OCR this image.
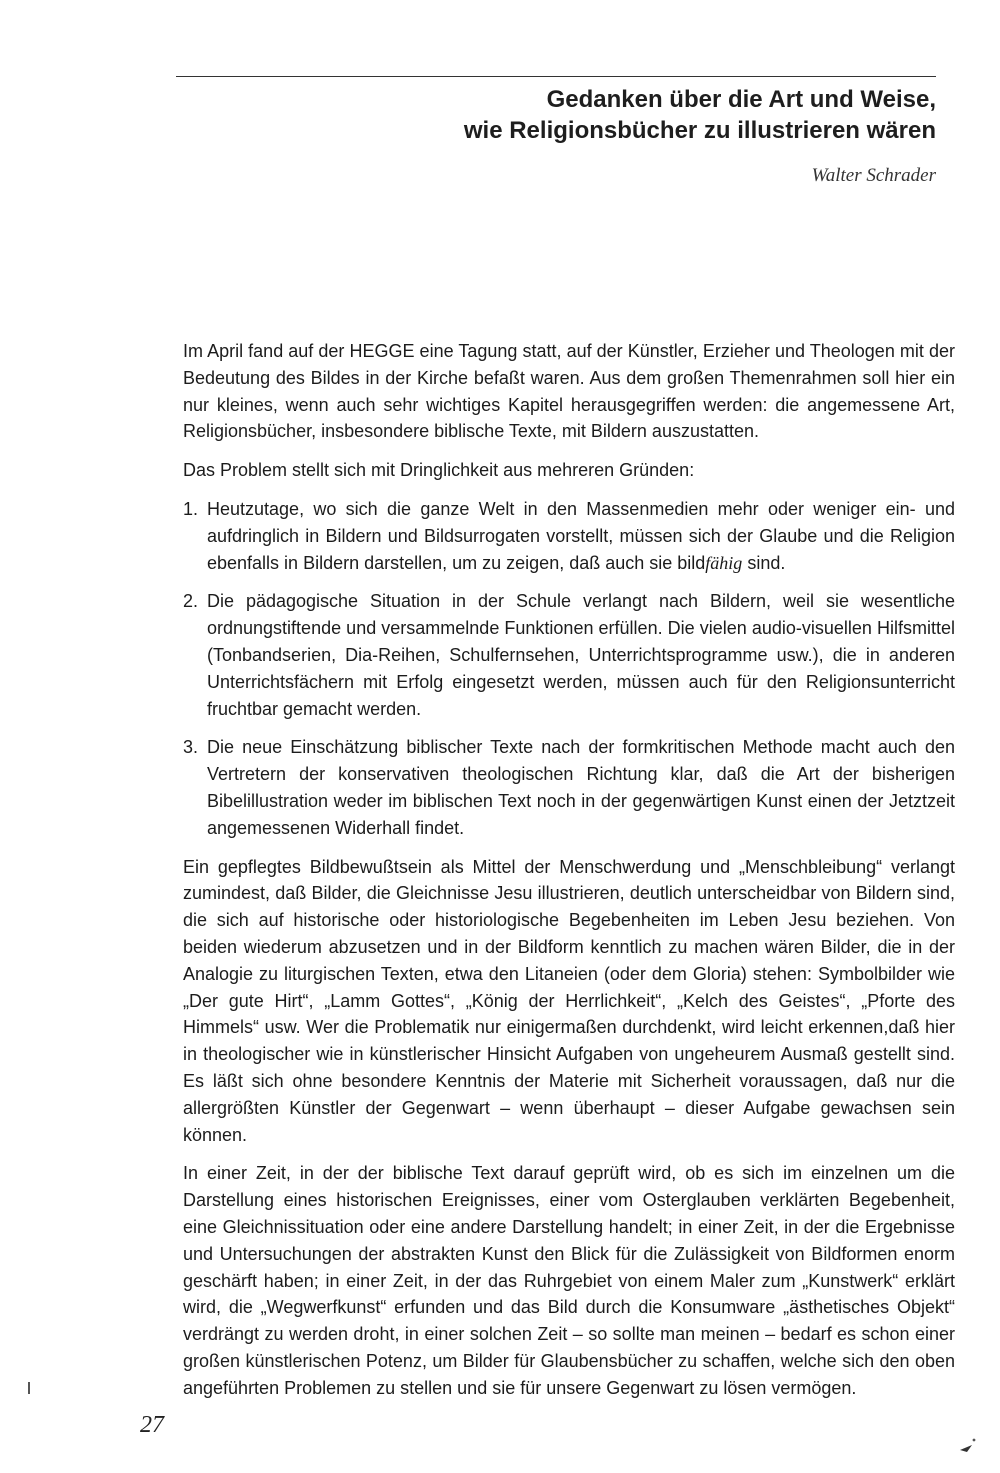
Gedanken über die Art und Weise,
wie Religionsbücher zu illustrieren wären
Walter Schrader

Im April fand auf der HEGGE eine Tagung statt, auf der Künstler, Erzieher und Theologen mit der Bedeutung des Bildes in der Kirche befaßt waren. Aus dem großen Themenrahmen soll hier ein nur kleines, wenn auch sehr wichtiges Kapitel herausgegriffen werden: die angemessene Art, Religionsbücher, insbesondere biblische Texte, mit Bildern auszustatten.

Das Problem stellt sich mit Dringlichkeit aus mehreren Gründen:

1. Heutzutage, wo sich die ganze Welt in den Massenmedien mehr oder weniger ein- und aufdringlich in Bildern und Bildsurrogaten vorstellt, müssen sich der Glaube und die Religion ebenfalls in Bildern darstellen, um zu zeigen, daß auch sie bildfähig sind.
2. Die pädagogische Situation in der Schule verlangt nach Bildern, weil sie wesentliche ordnungstiftende und versammelnde Funktionen erfüllen. Die vielen audio-visuellen Hilfsmittel (Tonbandserien, Dia-Reihen, Schulfernsehen, Unterrichtsprogramme usw.), die in anderen Unterrichtsfächern mit Erfolg eingesetzt werden, müssen auch für den Religionsunterricht fruchtbar gemacht werden.
3. Die neue Einschätzung biblischer Texte nach der formkritischen Methode macht auch den Vertretern der konservativen theologischen Richtung klar, daß die Art der bisherigen Bibelillustration weder im biblischen Text noch in der gegenwärtigen Kunst einen der Jetztzeit angemessenen Widerhall findet.

Ein gepflegtes Bildbewußtsein als Mittel der Menschwerdung und „Menschbleibung“ verlangt zumindest, daß Bilder, die Gleichnisse Jesu illustrieren, deutlich unterscheidbar von Bildern sind, die sich auf historische oder historiologische Begebenheiten im Leben Jesu beziehen. Von beiden wiederum abzusetzen und in der Bildform kenntlich zu machen wären Bilder, die in der Analogie zu liturgischen Texten, etwa den Litaneien (oder dem Gloria) stehen: Symbolbilder wie „Der gute Hirt“, „Lamm Gottes“, „König der Herrlichkeit“, „Kelch des Geistes“, „Pforte des Himmels“ usw. Wer die Problematik nur einigermaßen durchdenkt, wird leicht erkennen,daß hier in theologischer wie in künstlerischer Hinsicht Aufgaben von ungeheurem Ausmaß gestellt sind. Es läßt sich ohne besondere Kenntnis der Materie mit Sicherheit voraussagen, daß nur die allergrößten Künstler der Gegenwart – wenn überhaupt – dieser Aufgabe gewachsen sein können.

In einer Zeit, in der der biblische Text darauf geprüft wird, ob es sich im einzelnen um die Darstellung eines historischen Ereignisses, einer vom Osterglauben verklärten Begebenheit, eine Gleichnissituation oder eine andere Darstellung handelt; in einer Zeit, in der die Ergebnisse und Untersuchungen der abstrakten Kunst den Blick für die Zulässigkeit von Bildformen enorm geschärft haben; in einer Zeit, in der das Ruhrgebiet von einem Maler zum „Kunstwerk“ erklärt wird, die „Wegwerfkunst“ erfunden und das Bild durch die Konsumware „ästhetisches Objekt“ verdrängt zu werden droht, in einer solchen Zeit – so sollte man meinen – bedarf es schon einer großen künstlerischen Potenz, um Bilder für Glaubensbücher zu schaffen, welche sich den oben angeführten Problemen zu stellen und sie für unsere Gegenwart zu lösen vermögen.

27
